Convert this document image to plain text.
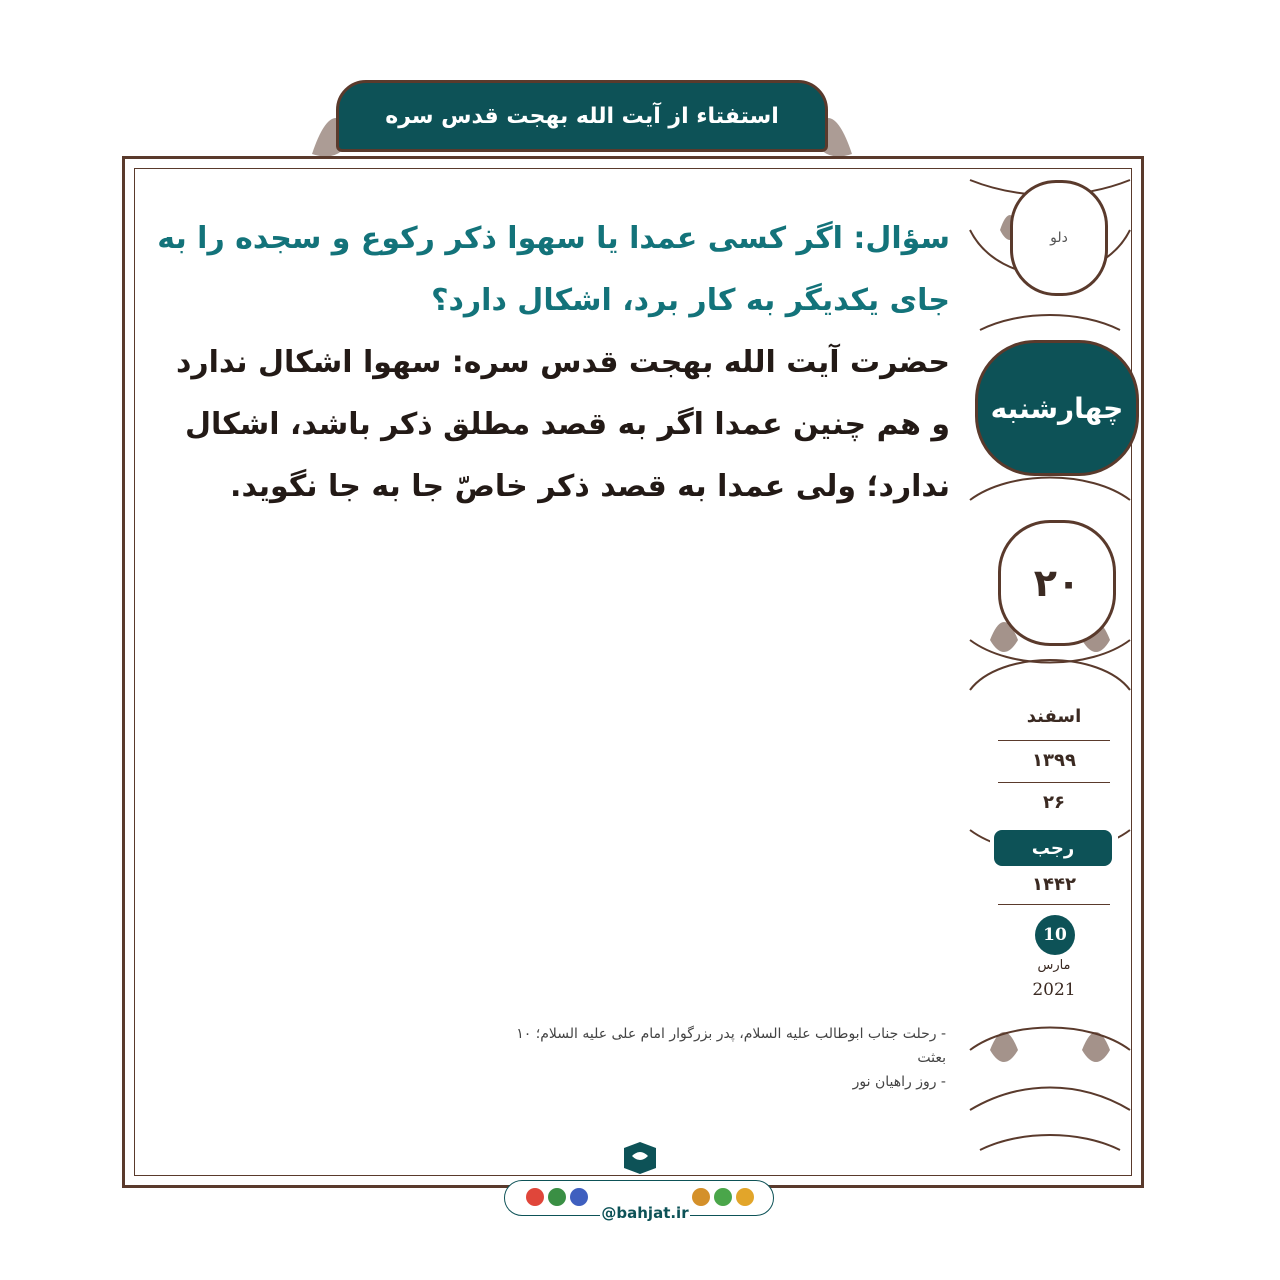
استفتاء از آیت الله بهجت قدس سره

سؤال: اگر کسی عمدا یا سهوا ذکر رکوع و سجده را به جای یکدیگر به کار برد، اشکال دارد؟

حضرت آیت الله بهجت قدس سره: سهوا اشکال ندارد و هم چنین عمدا اگر به قصد مطلق ذکر باشد، اشکال ندارد؛ ولی عمدا به قصد ذکر خاصّ جا به جا نگوید.

دلو
چهارشنبه
۲۰
اسفند
۱۳۹۹
۲۶
رجب
۱۴۴۲
10
مارس
2021
- رحلت جناب ابوطالب علیه السلام، پدر بزرگوار امام علی علیه السلام؛ ۱۰ بعثت
- روز راهیان نور
@bahjat.ir
